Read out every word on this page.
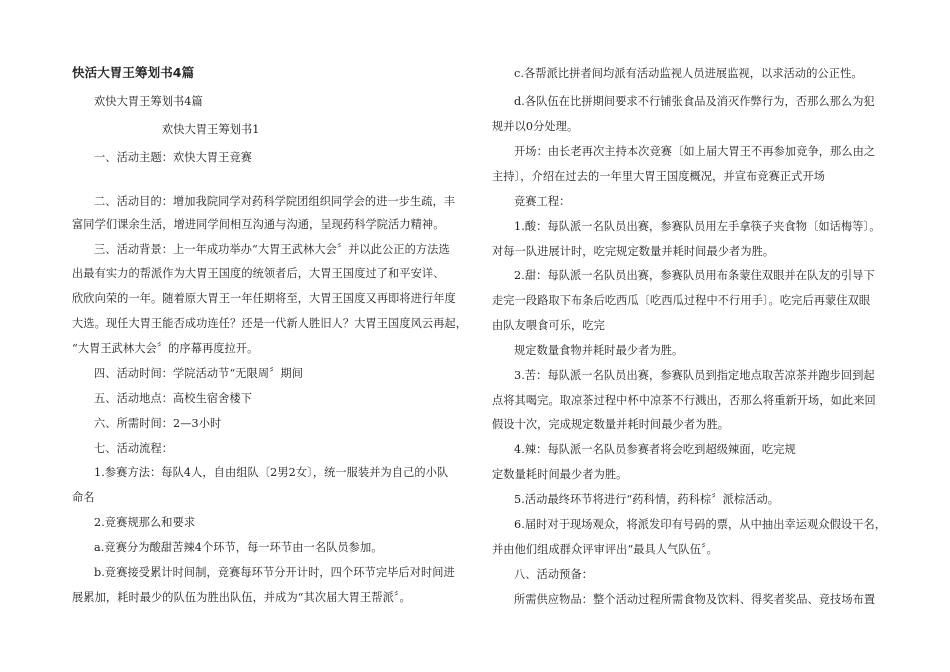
快活大胃王筹划书4篇
欢快大胃王筹划书4篇
欢快大胃王筹划书1
一、活动主题：欢快大胃王竞赛
二、活动目的：增加我院同学对药科学院团组织同学会的进一步生疏，丰
富同学们课余生活，增进同学间相互沟通与沟通，呈现药科学院活力精神。
三、活动背景：上一年成功举办“大胃王武林大会〞并以此公正的方法选
出最有实力的帮派作为大胃王国度的统领者后，大胃王国度过了和平安详、
欣欣向荣的一年。随着原大胃王一年任期将至，大胃王国度又再即将进行年度
大选。现任大胃王能否成功连任？还是一代新人胜旧人？大胃王国度风云再起，
“大胃王武林大会〞的序幕再度拉开。
四、活动时间：学院活动节“无限周〞期间
五、活动地点：高校生宿舍楼下
六、所需时间：2—3小时
七、活动流程：
1.参赛方法：每队4人，自由组队〔2男2女〕，统一服装并为自己的小队
命名
2.竞赛规那么和要求
a.竞赛分为酸甜苦辣4个环节，每一环节由一名队员参加。
b.竞赛接受累计时间制，竞赛每环节分开计时，四个环节完毕后对时间进
展累加，耗时最少的队伍为胜出队伍，并成为“其次届大胃王帮派〞。
c.各帮派比拼者间均派有活动监视人员进展监视，以求活动的公正性。
d.各队伍在比拼期间要求不行铺张食品及消灭作弊行为，否那么那么为犯
规并以0分处理。
开场：由长老再次主持本次竞赛〔如上届大胃王不再参加竞争，那么由之
主持〕，介绍在过去的一年里大胃王国度概况，并宣布竞赛正式开场
竞赛工程：
1.酸：每队派一名队员出赛，参赛队员用左手拿筷子夹食物〔如话梅等〕。
对每一队进展计时，吃完规定数量并耗时间最少者为胜。
2.甜：每队派一名队员出赛，参赛队员用布条蒙住双眼并在队友的引导下
走完一段路取下布条后吃西瓜〔吃西瓜过程中不行用手〕。吃完后再蒙住双眼
由队友喂食可乐，吃完
规定数量食物并耗时最少者为胜。
3.苦：每队派一名队员出赛，参赛队员到指定地点取苦凉茶并跑步回到起
点将其喝完。取凉茶过程中杯中凉茶不行溅出，否那么将重新开场，如此来回
假设十次，完成规定数量并耗时间最少者为胜。
4.辣：每队派一名队员参赛者将会吃到超级辣面，吃完规
定数量耗时间最少者为胜。
5.活动最终环节将进行“药科情，药科棕〞派棕活动。
6.届时对于现场观众，将派发印有号码的票，从中抽出幸运观众假设干名，
并由他们组成群众评审评出“最具人气队伍〞。
八、活动预备：
所需供应物品：整个活动过程所需食物及饮料、得奖者奖品、竞技场布置
